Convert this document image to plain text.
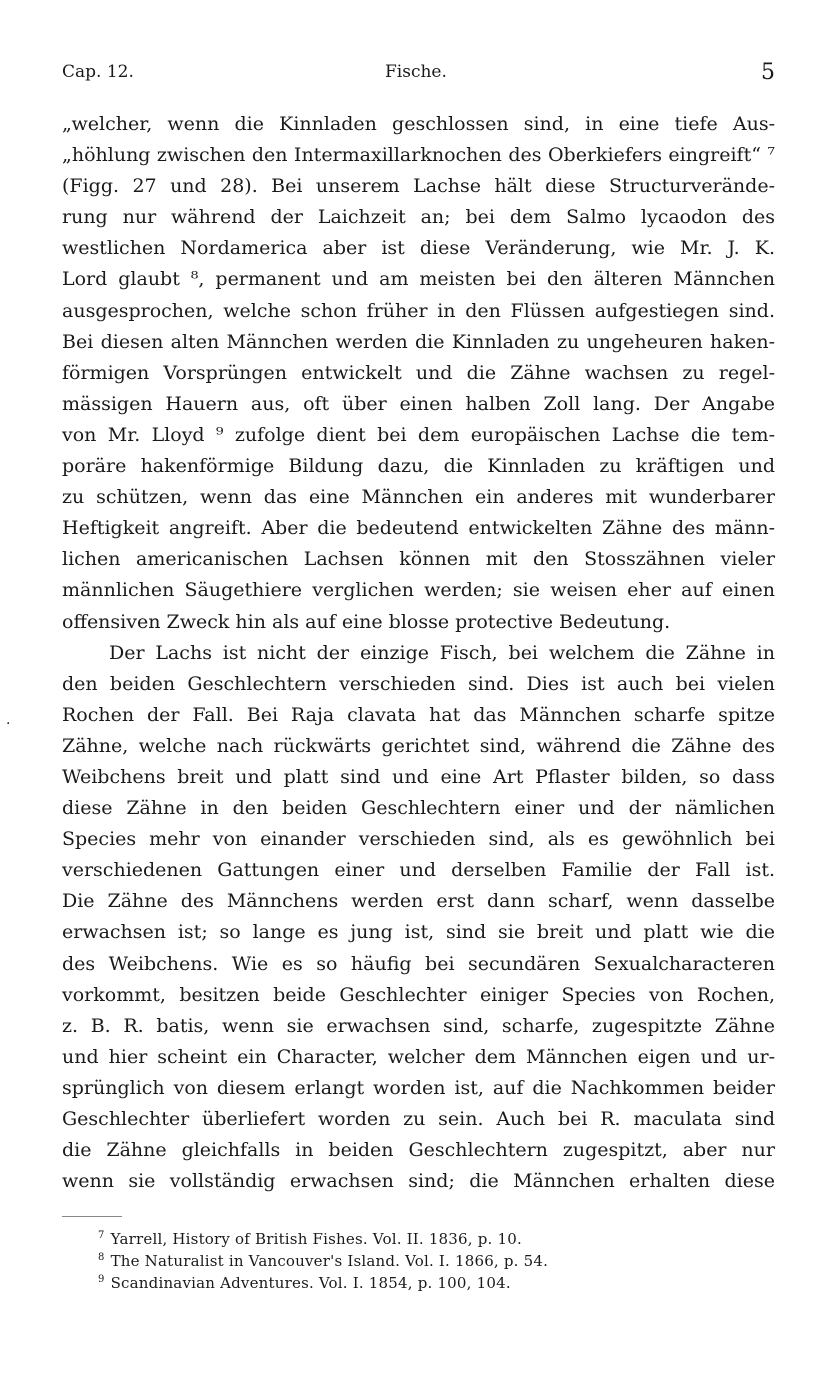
Cap. 12.	Fische.	5
„welcher, wenn die Kinnladen geschlossen sind, in eine tiefe Aus-
„höhlung zwischen den Intermaxillarknochen des Oberkiefers eingreift“ ⁷
(Figg. 27 und 28). Bei unserem Lachse hält diese Structurverände-
rung nur während der Laichzeit an; bei dem Salmo lycaodon des
westlichen Nordamerica aber ist diese Veränderung, wie Mr. J. K.
Lord glaubt ⁸, permanent und am meisten bei den älteren Männchen
ausgesprochen, welche schon früher in den Flüssen aufgestiegen sind.
Bei diesen alten Männchen werden die Kinnladen zu ungeheuren haken-
förmigen Vorsprüngen entwickelt und die Zähne wachsen zu regel-
mässigen Hauern aus, oft über einen halben Zoll lang. Der Angabe
von Mr. Lloyd ⁹ zufolge dient bei dem europäischen Lachse die tem-
poräre hakenförmige Bildung dazu, die Kinnladen zu kräftigen und
zu schützen, wenn das eine Männchen ein anderes mit wunderbarer
Heftigkeit angreift. Aber die bedeutend entwickelten Zähne des männ-
lichen americanischen Lachsen können mit den Stosszähnen vieler
männlichen Säugethiere verglichen werden; sie weisen eher auf einen
offensiven Zweck hin als auf eine blosse protective Bedeutung.
Der Lachs ist nicht der einzige Fisch, bei welchem die Zähne in
den beiden Geschlechtern verschieden sind. Dies ist auch bei vielen
Rochen der Fall. Bei Raja clavata hat das Männchen scharfe spitze
Zähne, welche nach rückwärts gerichtet sind, während die Zähne des
Weibchens breit und platt sind und eine Art Pflaster bilden, so dass
diese Zähne in den beiden Geschlechtern einer und der nämlichen
Species mehr von einander verschieden sind, als es gewöhnlich bei
verschiedenen Gattungen einer und derselben Familie der Fall ist.
Die Zähne des Männchens werden erst dann scharf, wenn dasselbe
erwachsen ist; so lange es jung ist, sind sie breit und platt wie die
des Weibchens. Wie es so häufig bei secundären Sexualcharacteren
vorkommt, besitzen beide Geschlechter einiger Species von Rochen,
z. B. R. batis, wenn sie erwachsen sind, scharfe, zugespitzte Zähne
und hier scheint ein Character, welcher dem Männchen eigen und ur-
sprünglich von diesem erlangt worden ist, auf die Nachkommen beider
Geschlechter überliefert worden zu sein. Auch bei R. maculata sind
die Zähne gleichfalls in beiden Geschlechtern zugespitzt, aber nur
wenn sie vollständig erwachsen sind; die Männchen erhalten diese
·
$^7$ Yarrell, History of British Fishes. Vol. II. 1836, p. 10.
$^8$ The Naturalist in Vancouver's Island. Vol. I. 1866, p. 54.
$^9$ Scandinavian Adventures. Vol. I. 1854, p. 100, 104.
